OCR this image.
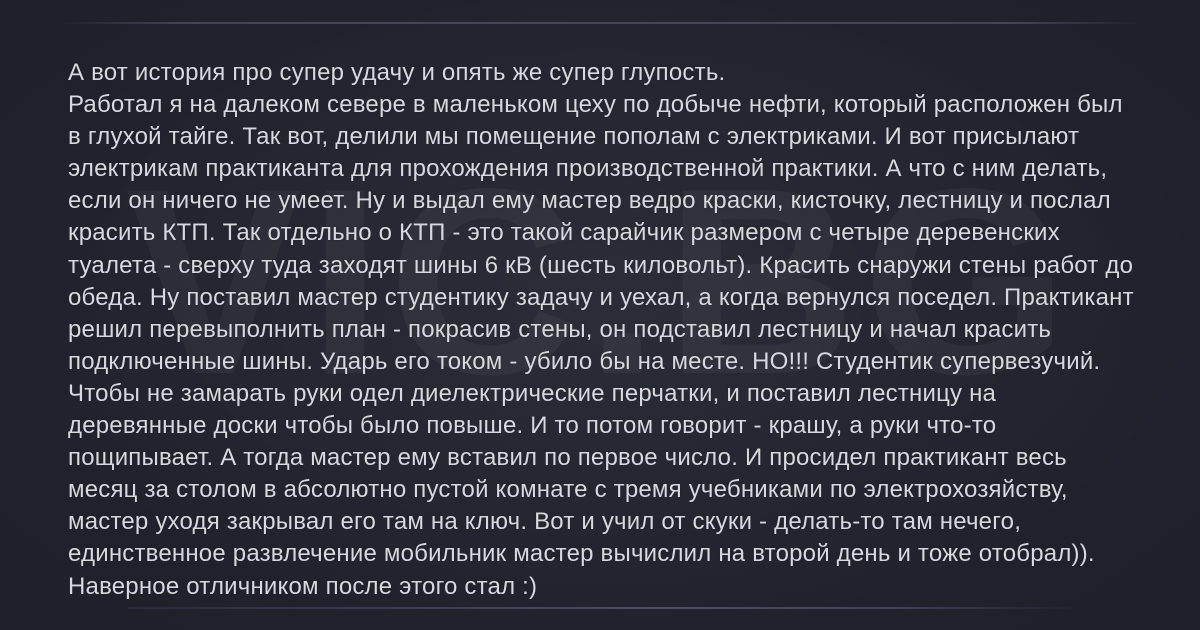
А вот история про супер удачу и опять же супер глупость.

Работал я на далеком севере в маленьком цеху по добыче нефти, который расположен был в глухой тайге. Так вот, делили мы помещение пополам с электриками. И вот присылают электрикам практиканта для прохождения производственной практики. А что с ним делать, если он ничего не умеет. Ну и выдал ему мастер ведро краски, кисточку, лестницу и послал красить КТП. Так отдельно о КТП - это такой сарайчик размером с четыре деревенских туалета - сверху туда заходят шины 6 кВ (шесть киловольт). Красить снаружи стены работ до обеда. Ну поставил мастер студентику задачу и уехал, а когда вернулся поседел. Практикант решил перевыполнить план - покрасив стены, он подставил лестницу и начал красить подключенные шины. Ударь его током - убило бы на месте. НО!!! Студентик супервезучий. Чтобы не замарать руки одел диелектрические перчатки, и поставил лестницу на деревянные доски чтобы было повыше. И то потом говорит - крашу, а руки что-то пощипывает. А тогда мастер ему вставил по первое число. И просидел практикант весь месяц за столом в абсолютно пустой комнате с тремя учебниками по электрохозяйству, мастер уходя закрывал его там на ключ. Вот и учил от скуки - делать-то там нечего, единственное развлечение мобильник мастер вычислил на второй день и тоже отобрал)). Наверное отличником после этого стал :)
